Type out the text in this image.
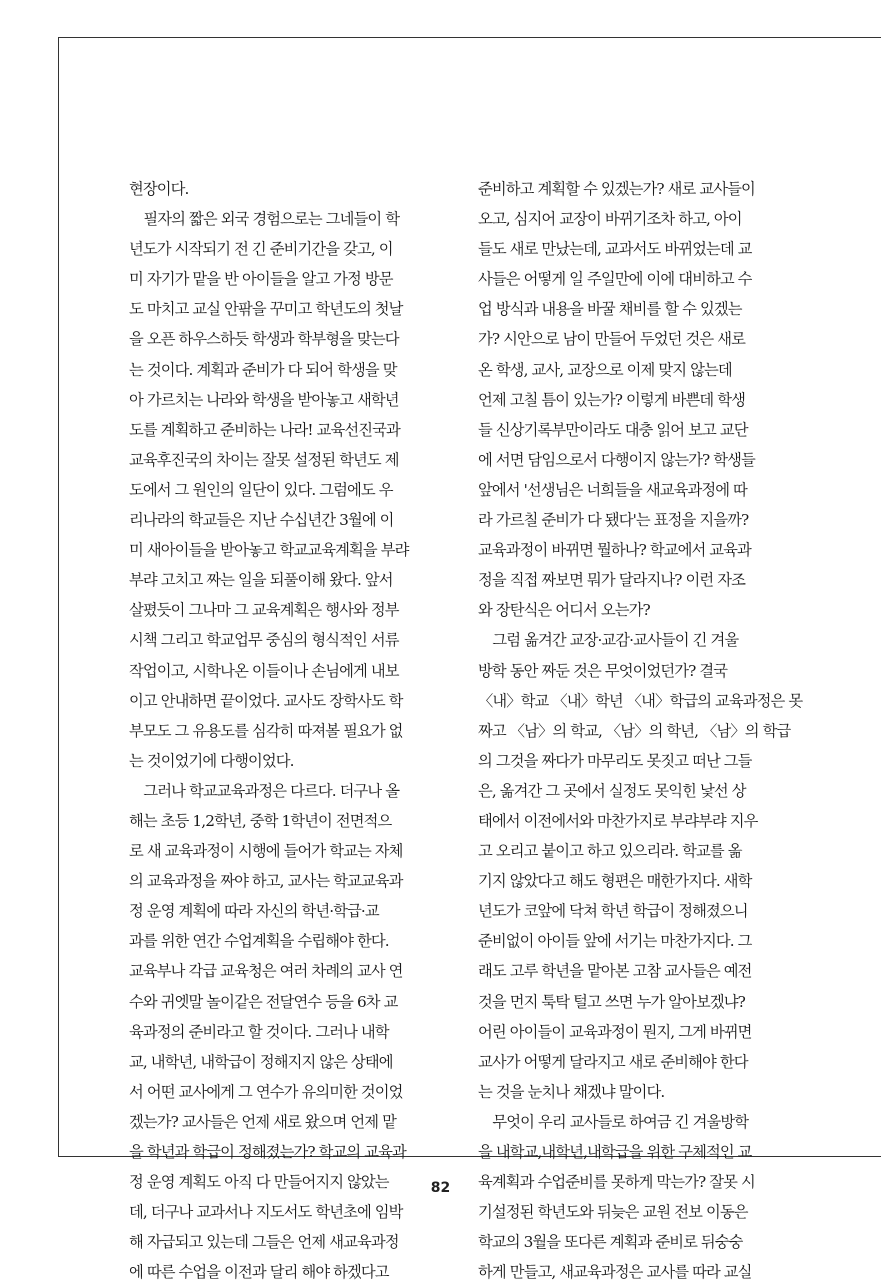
현장이다.
　필자의 짧은 외국 경험으로는 그네들이 학
년도가 시작되기 전 긴 준비기간을 갖고, 이
미 자기가 맡을 반 아이들을 알고 가정 방문
도 마치고 교실 안팎을 꾸미고 학년도의 첫날
을 오픈 하우스하듯 학생과 학부형을 맞는다
는 것이다. 계획과 준비가 다 되어 학생을 맞
아 가르치는 나라와 학생을 받아놓고 새학년
도를 계획하고 준비하는 나라! 교육선진국과
교육후진국의 차이는 잘못 설정된 학년도 제
도에서 그 원인의 일단이 있다. 그럼에도 우
리나라의 학교들은 지난 수십년간 3월에 이
미 새아이들을 받아놓고 학교교육계획을 부랴
부랴 고치고 짜는 일을 되풀이해 왔다. 앞서
살폈듯이 그나마 그 교육계획은 행사와 정부
시책 그리고 학교업무 중심의 형식적인 서류
작업이고, 시학나온 이들이나 손님에게 내보
이고 안내하면 끝이었다. 교사도 장학사도 학
부모도 그 유용도를 심각히 따져볼 필요가 없
는 것이었기에 다행이었다.
　그러나 학교교육과정은 다르다. 더구나 올
해는 초등 1,2학년, 중학 1학년이 전면적으
로 새 교육과정이 시행에 들어가 학교는 자체
의 교육과정을 짜야 하고, 교사는 학교교육과
정 운영 계획에 따라 자신의 학년·학급·교
과를 위한 연간 수업계획을 수립해야 한다.
교육부나 각급 교육청은 여러 차례의 교사 연
수와 귀엣말 놀이같은 전달연수 등을 6차 교
육과정의 준비라고 할 것이다. 그러나 내학
교, 내학년, 내학급이 정해지지 않은 상태에
서 어떤 교사에게 그 연수가 유의미한 것이었
겠는가? 교사들은 언제 새로 왔으며 언제 맡
을 학년과 학급이 정해졌는가? 학교의 교육과
정 운영 계획도 아직 다 만들어지지 않았는
데, 더구나 교과서나 지도서도 학년초에 임박
해 자급되고 있는데 그들은 언제 새교육과정
에 따른 수업을 이전과 달리 해야 하겠다고
준비하고 계획할 수 있겠는가? 새로 교사들이
오고, 심지어 교장이 바뀌기조차 하고, 아이
들도 새로 만났는데, 교과서도 바뀌었는데 교
사들은 어떻게 일 주일만에 이에 대비하고 수
업 방식과 내용을 바꿀 채비를 할 수 있겠는
가? 시안으로 남이 만들어 두었던 것은 새로
온 학생, 교사, 교장으로 이제 맞지 않는데
언제 고칠 틈이 있는가? 이렇게 바쁜데 학생
들 신상기록부만이라도 대충 읽어 보고 교단
에 서면 담임으로서 다행이지 않는가? 학생들
앞에서 '선생님은 너희들을 새교육과정에 따
라 가르칠 준비가 다 됐다'는 표정을 지을까?
교육과정이 바뀌면 뭘하나? 학교에서 교육과
정을 직접 짜보면 뭐가 달라지나? 이런 자조
와 장탄식은 어디서 오는가?
　그럼 옮겨간 교장·교감·교사들이 긴 겨울
방학 동안 짜둔 것은 무엇이었던가? 결국
〈내〉학교 〈내〉학년 〈내〉학급의 교육과정은 못
짜고 〈남〉의 학교, 〈남〉의 학년, 〈남〉의 학급
의 그것을 짜다가 마무리도 못짓고 떠난 그들
은, 옮겨간 그 곳에서 실정도 못익힌 낯선 상
태에서 이전에서와 마찬가지로 부랴부랴 지우
고 오리고 붙이고 하고 있으리라. 학교를 옮
기지 않았다고 해도 형편은 매한가지다. 새학
년도가 코앞에 닥쳐 학년 학급이 정해졌으니
준비없이 아이들 앞에 서기는 마찬가지다. 그
래도 고루 학년을 맡아본 고참 교사들은 예전
것을 먼지 툭탁 털고 쓰면 누가 알아보겠냐?
어린 아이들이 교육과정이 뭔지, 그게 바뀌면
교사가 어떻게 달라지고 새로 준비해야 한다
는 것을 눈치나 채겠냐 말이다.
　무엇이 우리 교사들로 하여금 긴 겨울방학
을 내학교,내학년,내학급을 위한 구체적인 교
육계획과 수업준비를 못하게 막는가? 잘못 시
기설정된 학년도와 뒤늦은 교원 전보 이동은
학교의 3월을 또다른 계획과 준비로 뒤숭숭
하게 만들고, 새교육과정은 교사를 따라 교실
82
